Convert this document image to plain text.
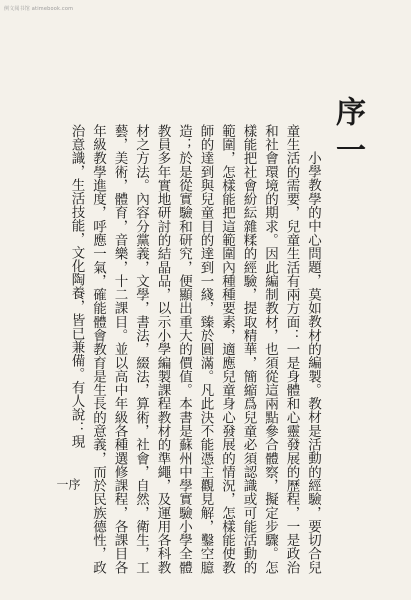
例文阅书馆 atimebook.com
序一

小學教學的中心問題，莫如教材的編製。教材是活動的經驗，要切合兒童生活的需要，兒童生活有兩方面：一是身體和心靈發展的歷程，一是政治和社會環境的期求。因此編制教材，也須從這兩點參合體察，擬定步驟。怎樣能把社會紛紜雜糅的經驗，提取精華，簡縮爲兒童必須認識或可能活動的範圍，怎樣能把這範圍內種種要素，適應兒童身心發展的情況，怎樣能使教師的達到與兒童目的達到一綫，臻於圓滿。凡此決不能憑主觀見解，鑿空臆造；於是從實驗和研究，便顯出重大的價值。本書是蘇州中學實驗小學全體教員多年實地研討的結晶品，以示小學編製課程教材的準繩，及運用各科教材之方法。內容分黨義，文學，書法，綴法，算術，社會，自然，衛生，工藝，美術，體育，音樂，十二課目。並以高中年級各種選修課程，各課目各年級教學進度，呼應一氣，確能體會教育是生長的意義，而於民族德性，政治意識，生活技能，文化陶養，皆已兼備。有人說：現

序
一
